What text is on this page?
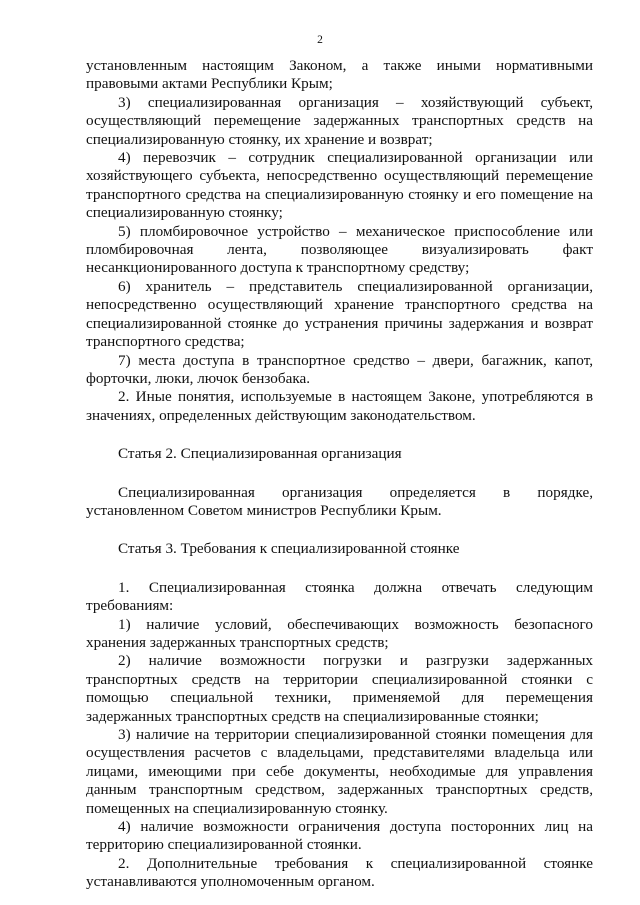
2

установленным настоящим Законом, а также иными нормативными правовыми актами Республики Крым;

3) специализированная организация – хозяйствующий субъект, осуществляющий перемещение задержанных транспортных средств на специализированную стоянку, их хранение и возврат;

4) перевозчик – сотрудник специализированной организации или хозяйствующего субъекта, непосредственно осуществляющий перемещение транспортного средства на специализированную стоянку и его помещение на специализированную стоянку;

5) пломбировочное устройство – механическое приспособление или пломбировочная лента, позволяющее визуализировать факт несанкционированного доступа к транспортному средству;

6) хранитель – представитель специализированной организации, непосредственно осуществляющий хранение транспортного средства на специализированной стоянке до устранения причины задержания и возврат транспортного средства;

7) места доступа в транспортное средство – двери, багажник, капот, форточки, люки, лючок бензобака.

2. Иные понятия, используемые в настоящем Законе, употребляются в значениях, определенных действующим законодательством.

Статья 2. Специализированная организация

Специализированная организация определяется в порядке, установленном Советом министров Республики Крым.

Статья 3. Требования к специализированной стоянке

1. Специализированная стоянка должна отвечать следующим требованиям:

1) наличие условий, обеспечивающих возможность безопасного хранения задержанных транспортных средств;

2) наличие возможности погрузки и разгрузки задержанных транспортных средств на территории специализированной стоянки с помощью специальной техники, применяемой для перемещения задержанных транспортных средств на специализированные стоянки;

3) наличие на территории специализированной стоянки помещения для осуществления расчетов с владельцами, представителями владельца или лицами, имеющими при себе документы, необходимые для управления данным транспортным средством, задержанных транспортных средств, помещенных на специализированную стоянку.

4) наличие возможности ограничения доступа посторонних лиц на территорию специализированной стоянки.

2. Дополнительные требования к специализированной стоянке устанавливаются уполномоченным органом.
